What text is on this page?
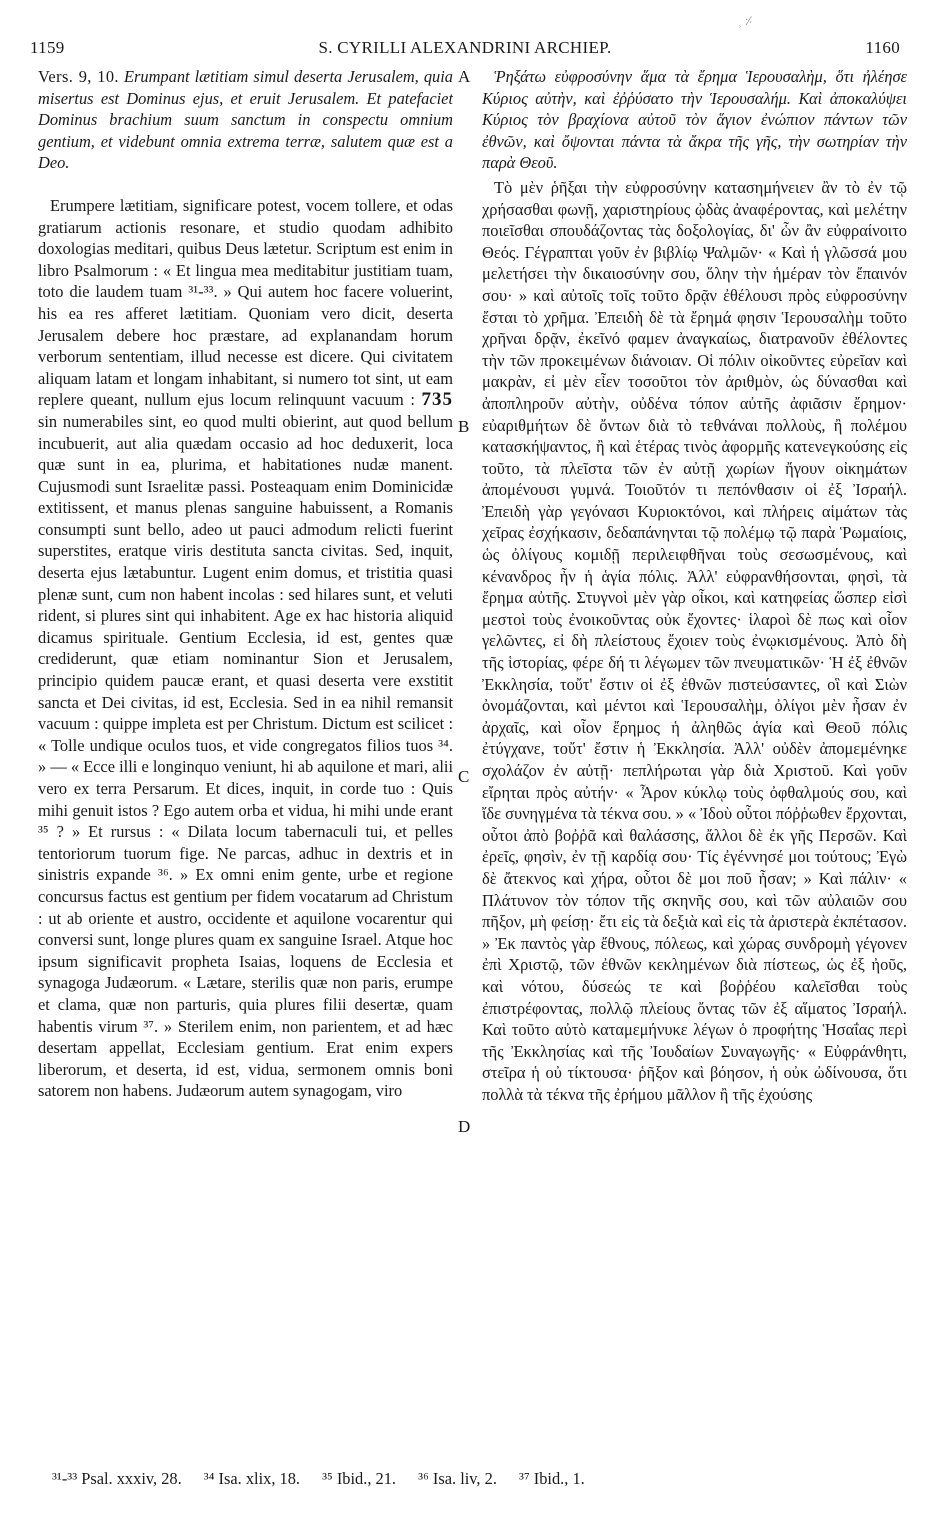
⸒ ⸓
1159	S. CYRILLI ALEXANDRINI ARCHIEP.	1160

Vers. 9, 10. Erumpant lætitiam simul deserta Jerusalem, quia misertus est Dominus ejus, et eruit Jerusalem. Et patefaciet Dominus brachium suum sanctum in conspectu omnium gentium, et videbunt omnia extrema terræ, salutem quæ est a Deo.

Erumpere lætitiam, significare potest, vocem tollere, et odas gratiarum actionis resonare, et studio quodam adhibito doxologias meditari, quibus Deus lætetur. Scriptum est enim in libro Psalmorum : « Et lingua mea meditabitur justitiam tuam, toto die laudem tuam ³¹-³³. » Qui autem hoc facere voluerint, his ea res afferet lætitiam. Quoniam vero dicit, deserta Jerusalem debere hoc præstare, ad explanandam horum verborum sententiam, illud necesse est dicere. Qui civitatem aliquam latam et longam inhabitant, si numero tot sint, ut eam replere queant, nullum ejus locum relinquunt vacuum : 735 sin numerabiles sint, eo quod multi obierint, aut quod bellum incubuerit, aut alia quædam occasio ad hoc deduxerit, loca quæ sunt in ea, plurima, et habitationes nudæ manent. Cujusmodi sunt Israelitæ passi. Posteaquam enim Dominicidæ extitissent, et manus plenas sanguine habuissent, a Romanis consumpti sunt bello, adeo ut pauci admodum relicti fuerint superstites, eratque viris destituta sancta civitas. Sed, inquit, deserta ejus lætabuntur. Lugent enim domus, et tristitia quasi plenæ sunt, cum non habent incolas : sed hilares sunt, et veluti rident, si plures sint qui inhabitent. Age ex hac historia aliquid dicamus spirituale. Gentium Ecclesia, id est, gentes quæ crediderunt, quæ etiam nominantur Sion et Jerusalem, principio quidem paucæ erant, et quasi deserta vere exstitit sancta et Dei civitas, id est, Ecclesia. Sed in ea nihil remansit vacuum : quippe impleta est per Christum. Dictum est scilicet : « Tolle undique oculos tuos, et vide congregatos filios tuos ³⁴. » — « Ecce illi e longinquo veniunt, hi ab aquilone et mari, alii vero ex terra Persarum. Et dices, inquit, in corde tuo : Quis mihi genuit istos ? Ego autem orba et vidua, hi mihi unde erant ³⁵ ? » Et rursus : « Dilata locum tabernaculi tui, et pelles tentoriorum tuorum fige. Ne parcas, adhuc in dextris et in sinistris expande ³⁶. » Ex omni enim gente, urbe et regione concursus factus est gentium per fidem vocatarum ad Christum : ut ab oriente et austro, occidente et aquilone vocarentur qui conversi sunt, longe plures quam ex sanguine Israel. Atque hoc ipsum significavit propheta Isaias, loquens de Ecclesia et synagoga Judæorum. « Lætare, sterilis quæ non paris, erumpe et clama, quæ non parturis, quia plures filii desertæ, quam habentis virum ³⁷. » Sterilem enim, non parientem, et ad hæc desertam appellat, Ecclesiam gentium. Erat enim expers liberorum, et deserta, id est, vidua, sermonem omnis boni satorem non habens. Judæorum autem synagogam, viro

A
B
C
D

Ῥηξάτω εὐφροσύνην ἅμα τὰ ἔρημα Ἱερουσαλὴμ, ὅτι ἠλέησε Κύριος αὐτὴν, καὶ ἐῤῥύσατο τὴν Ἱερουσαλήμ. Καὶ ἀποκαλύψει Κύριος τὸν βραχίονα αὐτοῦ τὸν ἅγιον ἐνώπιον πάντων τῶν ἐθνῶν, καὶ ὄψονται πάντα τὰ ἄκρα τῆς γῆς, τὴν σωτηρίαν τὴν παρὰ Θεοῦ.

Τὸ μὲν ῥῆξαι τὴν εὐφροσύνην κατασημήνειεν ἂν τὸ ἐν τῷ χρήσασθαι φωνῇ, χαριστηρίους ᾠδὰς ἀναφέροντας, καὶ μελέτην ποιεῖσθαι σπουδάζοντας τὰς δοξολογίας, δι' ὧν ἂν εὐφραίνοιτο Θεός. Γέγραπται γοῦν ἐν βιβλίῳ Ψαλμῶν· « Καὶ ἡ γλῶσσά μου μελετήσει τὴν δικαιοσύνην σου, ὅλην τὴν ἡμέραν τὸν ἔπαινόν σου· » καὶ αὐτοῖς τοῖς τοῦτο δρᾷν ἐθέλουσι πρὸς εὐφροσύνην ἔσται τὸ χρῆμα. Ἐπειδὴ δὲ τὰ ἔρημά φησιν Ἱερουσαλὴμ τοῦτο χρῆναι δρᾷν, ἐκεῖνό φαμεν ἀναγκαίως, διατρανοῦν ἐθέλοντες τὴν τῶν προκειμένων διάνοιαν. Οἱ πόλιν οἰκοῦντες εὐρεῖαν καὶ μακρὰν, εἰ μὲν εἶεν τοσοῦτοι τὸν ἀριθμὸν, ὡς δύνασθαι καὶ ἀποπληροῦν αὐτὴν, οὐδένα τόπον αὐτῆς ἀφιᾶσιν ἔρημον· εὐαριθμήτων δὲ ὄντων διὰ τὸ τεθνάναι πολλοὺς, ἢ πολέμου κατασκήψαντος, ἢ καὶ ἑτέρας τινὸς ἀφορμῆς κατενεγκούσης εἰς τοῦτο, τὰ πλεῖστα τῶν ἐν αὐτῇ χωρίων ἤγουν οἰκημάτων ἀπομένουσι γυμνά. Τοιοῦτόν τι πεπόνθασιν οἱ ἐξ Ἰσραήλ. Ἐπειδὴ γὰρ γεγόνασι Κυριοκτόνοι, καὶ πλήρεις αἱμάτων τὰς χεῖρας ἐσχήκασιν, δεδαπάνηνται τῷ πολέμῳ τῷ παρὰ Ῥωμαίοις, ὡς ὀλίγους κομιδῇ περιλειφθῆναι τοὺς σεσωσμένους, καὶ κένανδρος ἦν ἡ ἁγία πόλις. Ἀλλ' εὐφρανθήσονται, φησὶ, τὰ ἔρημα αὐτῆς. Στυγνοὶ μὲν γὰρ οἶκοι, καὶ κατηφείας ὥσπερ εἰσὶ μεστοὶ τοὺς ἐνοικοῦντας οὐκ ἔχοντες· ἱλαροὶ δὲ πως καὶ οἷον γελῶντες, εἰ δὴ πλείστους ἔχοιεν τοὺς ἐνῳκισμένους. Ἀπὸ δὴ τῆς ἱστορίας, φέρε δή τι λέγωμεν τῶν πνευματικῶν· Ἡ ἐξ ἐθνῶν Ἐκκλησία, τοὔτ' ἔστιν οἱ ἐξ ἐθνῶν πιστεύσαντες, οἳ καὶ Σιὼν ὀνομάζονται, καὶ μέντοι καὶ Ἱερουσαλὴμ, ὀλίγοι μὲν ἦσαν ἐν ἀρχαῖς, καὶ οἷον ἔρημος ἡ ἀληθῶς ἁγία καὶ Θεοῦ πόλις ἐτύγχανε, τοὔτ' ἔστιν ἡ Ἐκκλησία. Ἀλλ' οὐδὲν ἀπομεμένηκε σχολάζον ἐν αὐτῇ· πεπλήρωται γὰρ διὰ Χριστοῦ. Καὶ γοῦν εἴρηται πρὸς αὐτήν· « Ἆρον κύκλῳ τοὺς ὀφθαλμούς σου, καὶ ἴδε συνηγμένα τὰ τέκνα σου. » « Ἰδοὺ οὗτοι πόῤῥωθεν ἔρχονται, οὗτοι ἀπὸ βοῤῥᾶ καὶ θαλάσσης, ἄλλοι δὲ ἐκ γῆς Περσῶν. Καὶ ἐρεῖς, φησὶν, ἐν τῇ καρδίᾳ σου· Τίς ἐγέννησέ μοι τούτους; Ἐγὼ δὲ ἄτεκνος καὶ χήρα, οὗτοι δὲ μοι ποῦ ἦσαν; » Καὶ πάλιν· « Πλάτυνον τὸν τόπον τῆς σκηνῆς σου, καὶ τῶν αὐλαιῶν σου πῆξον, μὴ φείσῃ· ἔτι εἰς τὰ δεξιὰ καὶ εἰς τὰ ἀριστερὰ ἐκπέτασον. » Ἐκ παντὸς γὰρ ἔθνους, πόλεως, καὶ χώρας συνδρομὴ γέγονεν ἐπὶ Χριστῷ, τῶν ἐθνῶν κεκλημένων διὰ πίστεως, ὡς ἐξ ἠοῦς, καὶ νότου, δύσεώς τε καὶ βοῤῥέου καλεῖσθαι τοὺς ἐπιστρέφοντας, πολλῷ πλείους ὄντας τῶν ἐξ αἵματος Ἰσραήλ. Καὶ τοῦτο αὐτὸ καταμεμήνυκε λέγων ὁ προφήτης Ἡσαΐας περὶ τῆς Ἐκκλησίας καὶ τῆς Ἰουδαίων Συναγωγῆς· « Εὐφράνθητι, στεῖρα ἡ οὐ τίκτουσα· ῥῆξον καὶ βόησον, ἡ οὐκ ὠδίνουσα, ὅτι πολλὰ τὰ τέκνα τῆς ἐρήμου μᾶλλον ἢ τῆς ἐχούσης

³¹-³³ Psal. xxxiv, 28. ³⁴ Isa. xlix, 18. ³⁵ Ibid., 21. ³⁶ Isa. liv, 2. ³⁷ Ibid., 1.
